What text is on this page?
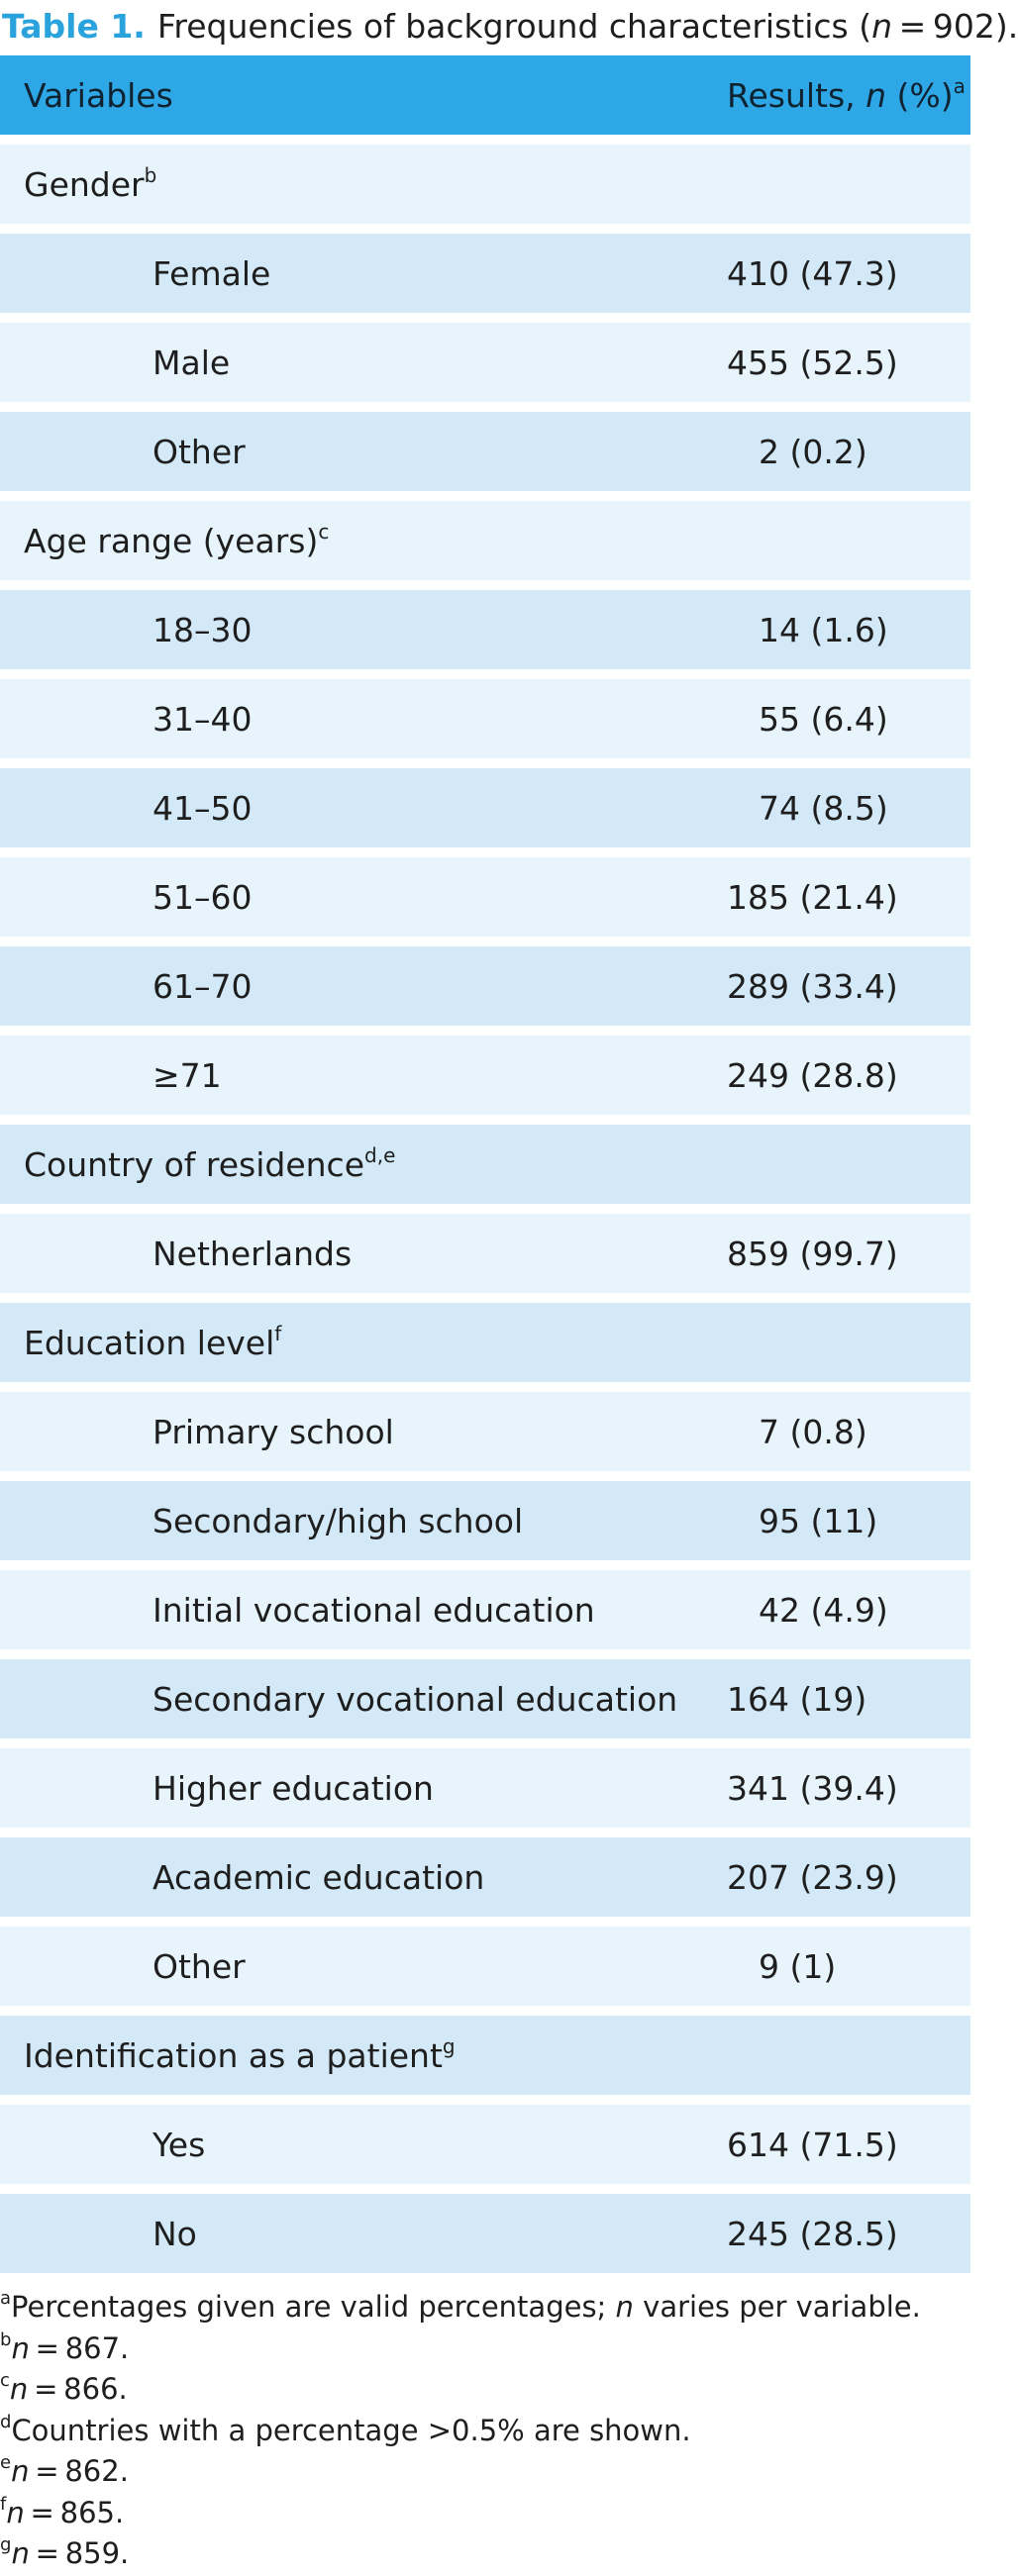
Table 1. Frequencies of background characteristics ( n  = 902).
Variables	Results, n (%)$^a$
Gender$^b$
Female	410 (47.3)
Male	455 (52.5)
Other	2 (0.2)
Age range (years)$^c$
18–30	14 (1.6)
31–40	55 (6.4)
41–50	74 (8.5)
51–60	185 (21.4)
61–70	289 (33.4)
≥71	249 (28.8)
Country of residence$^{d,e}$
Netherlands	859 (99.7)
Education level$^f$
Primary school	7 (0.8)
Secondary/high school	95 (11)
Initial vocational education	42 (4.9)
Secondary vocational education	164 (19)
Higher education	341 (39.4)
Academic education	207 (23.9)
Other	9 (1)
Identification as a patient$^g$
Yes	614 (71.5)
No	245 (28.5)
$^a$Percentages given are valid percentages; n varies per variable.
$^b$n = 867.
$^c$n = 866.
$^d$Countries with a percentage >0.5% are shown.
$^e$n = 862.
$^f$n = 865.
$^g$n = 859.
